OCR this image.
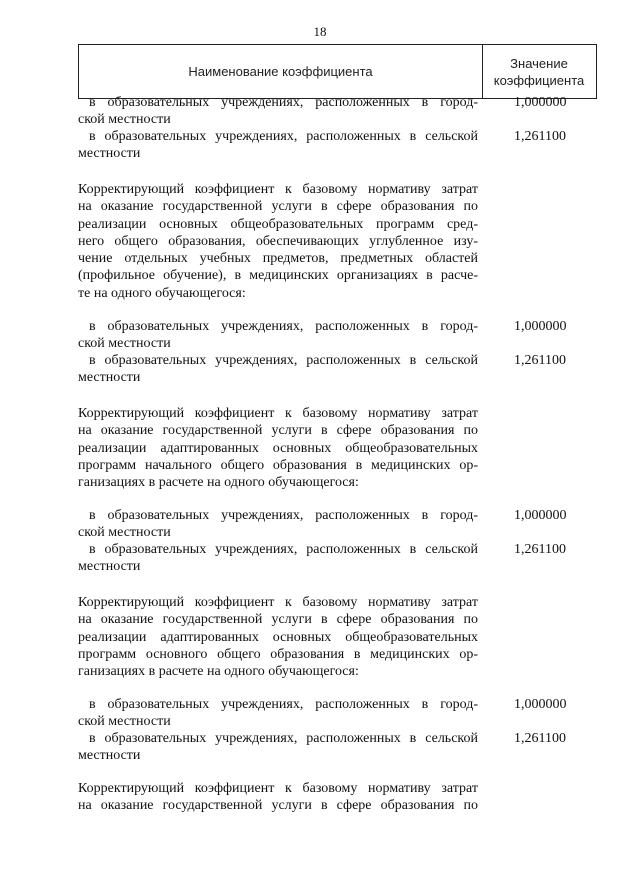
18
Наименование коэффициента
Значение
коэффициента
в образовательных учреждениях, расположенных в город-
ской местности
1,000000
в образовательных учреждениях, расположенных в сельской
местности
1,261100
Корректирующий коэффициент к базовому нормативу затрат
на оказание государственной услуги в сфере образования по
реализации основных общеобразовательных программ сред-
него общего образования, обеспечивающих углубленное изу-
чение отдельных учебных предметов, предметных областей
(профильное обучение), в медицинских организациях в расче-
те на одного обучающегося:
в образовательных учреждениях, расположенных в город-
ской местности
1,000000
в образовательных учреждениях, расположенных в сельской
местности
1,261100
Корректирующий коэффициент к базовому нормативу затрат
на оказание государственной услуги в сфере образования по
реализации адаптированных основных общеобразовательных
программ начального общего образования в медицинских ор-
ганизациях в расчете на одного обучающегося:
в образовательных учреждениях, расположенных в город-
ской местности
1,000000
в образовательных учреждениях, расположенных в сельской
местности
1,261100
Корректирующий коэффициент к базовому нормативу затрат
на оказание государственной услуги в сфере образования по
реализации адаптированных основных общеобразовательных
программ основного общего образования в медицинских ор-
ганизациях в расчете на одного обучающегося:
в образовательных учреждениях, расположенных в город-
ской местности
1,000000
в образовательных учреждениях, расположенных в сельской
местности
1,261100
Корректирующий коэффициент к базовому нормативу затрат
на оказание государственной услуги в сфере образования по
